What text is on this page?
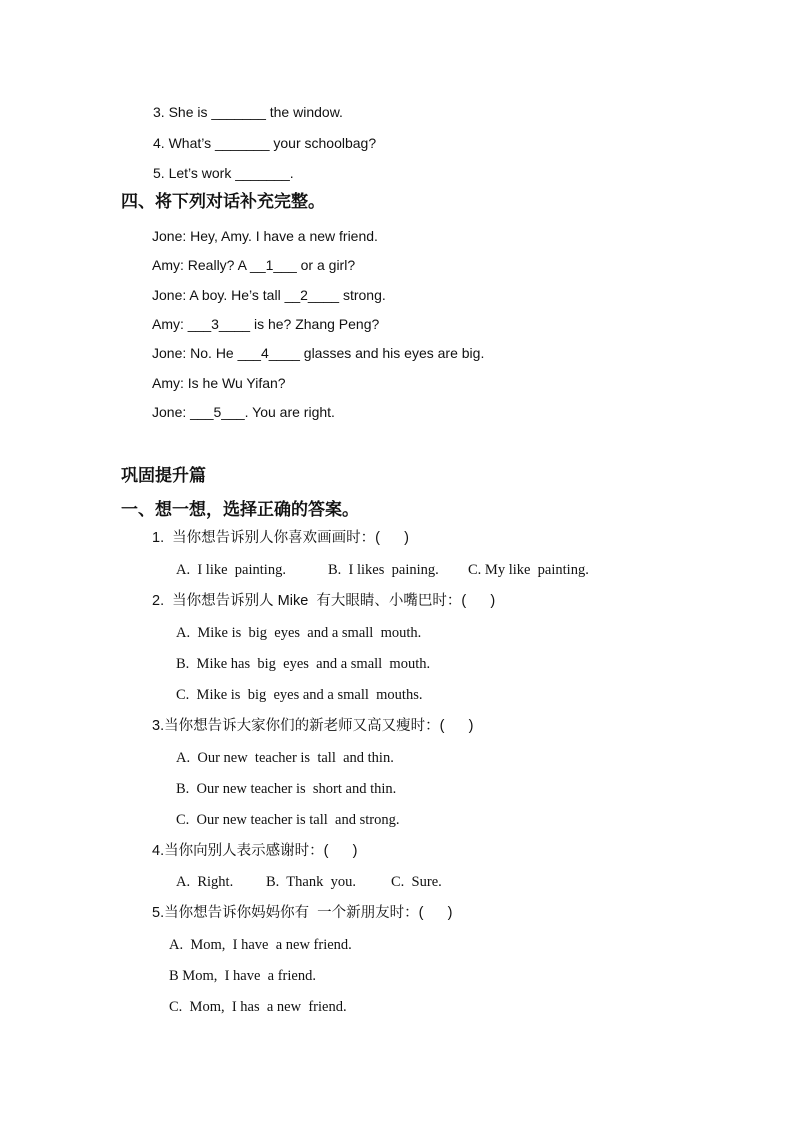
3. She is _______ the window.
4. What’s _______ your schoolbag?
5. Let’s work _______.
四、将下列对话补充完整。
Jone: Hey, Amy. I have a new friend.
Amy: Really? A __1___ or a girl?
Jone: A boy. He’s tall __2____ strong.
Amy: ___3____ is he? Zhang Peng?
Jone: No. He ___4____ glasses and his eyes are big.
Amy: Is he Wu Yifan?
Jone: ___5___. You are right.
巩固提升篇
一、想一想，选择正确的答案。
1.  当你想告诉别人你喜欢画画时：(      )
A.  I like  painting.	B.  I likes  paining. C. My like  painting.
2.  当你想告诉别人 Mike  有大眼睛、小嘴巴时：(      )
A.  Mike is  big  eyes  and a small  mouth.
B.  Mike has  big  eyes  and a small  mouth.
C.  Mike is  big  eyes and a small  mouths.
3.当你想告诉大家你们的新老师又高又瘦时：(      )
A.  Our new  teacher is  tall  and thin.
B.  Our new teacher is  short and thin.
C.  Our new teacher is tall  and strong.
4.当你向别人表示感谢时：(      )
A.  Right. B.  Thank  you. C.  Sure.
5.当你想告诉你妈妈你有  一个新朋友时：(      )
A.  Mom,  I have  a new friend.
B Mom,  I have  a friend.
C.  Mom,  I has  a new  friend.
